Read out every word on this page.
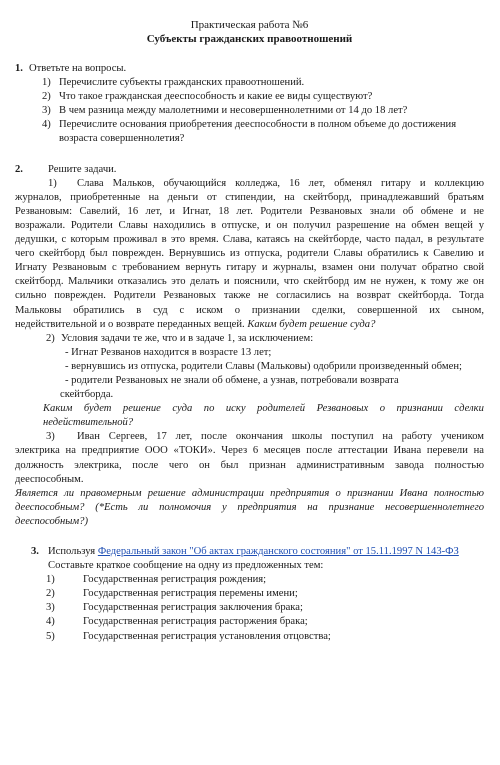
Практическая работа №6
Субъекты гражданских правоотношений
1. Ответьте на вопросы.
1) Перечислите субъекты гражданских правоотношений.
2) Что такое гражданская дееспособность и какие ее виды существуют?
3) В чем разница между малолетними и несовершеннолетними от 14 до 18 лет?
4) Перечислите основания приобретения дееспособности в полном объеме до достижения
возраста совершеннолетия?
2.	Решите задачи.
1)	Слава Мальков, обучающийся колледжа, 16 лет, обменял гитару и коллекцию
журналов, приобретенные на деньги от стипендии, на скейтборд, принадлежавший братьям
Резвановым: Савелий, 16 лет, и Игнат, 18 лет. Родители Резвановых знали об обмене и не
возражали. Родители Славы находились в отпуске, и он получил разрешение на обмен вещей у
дедушки, с которым проживал в это время. Слава, катаясь на скейтборде, часто падал, в результате
чего скейтборд был поврежден. Вернувшись из отпуска, родители Славы обратились к Савелию и
Игнату Резвановым с требованием вернуть гитару и журналы, взамен они получат обратно свой
скейтборд. Мальчики отказались это делать и пояснили, что скейтборд им не нужен, к тому же он
сильно поврежден. Родители Резвановых также не согласились на возврат скейтборда. Тогда
Мальковы обратились в суд с иском о признании сделки, совершенной их сыном,
недействительной и о возврате переданных вещей. Каким будет решение суда?
2) Условия задачи те же, что и в задаче 1, за исключением:
- Игнат Резванов находится в возрасте 13 лет;
- вернувшись из отпуска, родители Славы (Мальковы) одобрили произведенный обмен;
- родители Резвановых не знали об обмене, а узнав, потребовали возврата
скейтборда.
Каким будет решение суда по иску родителей Резвановых о признании сделки
недействительной?
3)	Иван Сергеев, 17 лет, после окончания школы поступил на работу учеником
электрика на предприятие ООО «ТОКИ». Через 6 месяцев после аттестации Ивана перевели на
должность электрика, после чего он был признан административным завода полностью
дееспособным.
Является ли правомерным решение администрации предприятия о признании Ивана полностью
дееспособным? (*Есть ли полномочия у предприятия на признание несовершеннолетнего
дееспособным?)
3. Используя Федеральный закон "Об актах гражданского состояния" от 15.11.1997 N 143-ФЗ
Составьте краткое сообщение на одну из предложенных тем:
1)	Государственная регистрация рождения;
2)	Государственная регистрация перемены имени;
3)	Государственная регистрация заключения брака;
4)	Государственная регистрация расторжения брака;
5)	Государственная регистрация установления отцовства;
